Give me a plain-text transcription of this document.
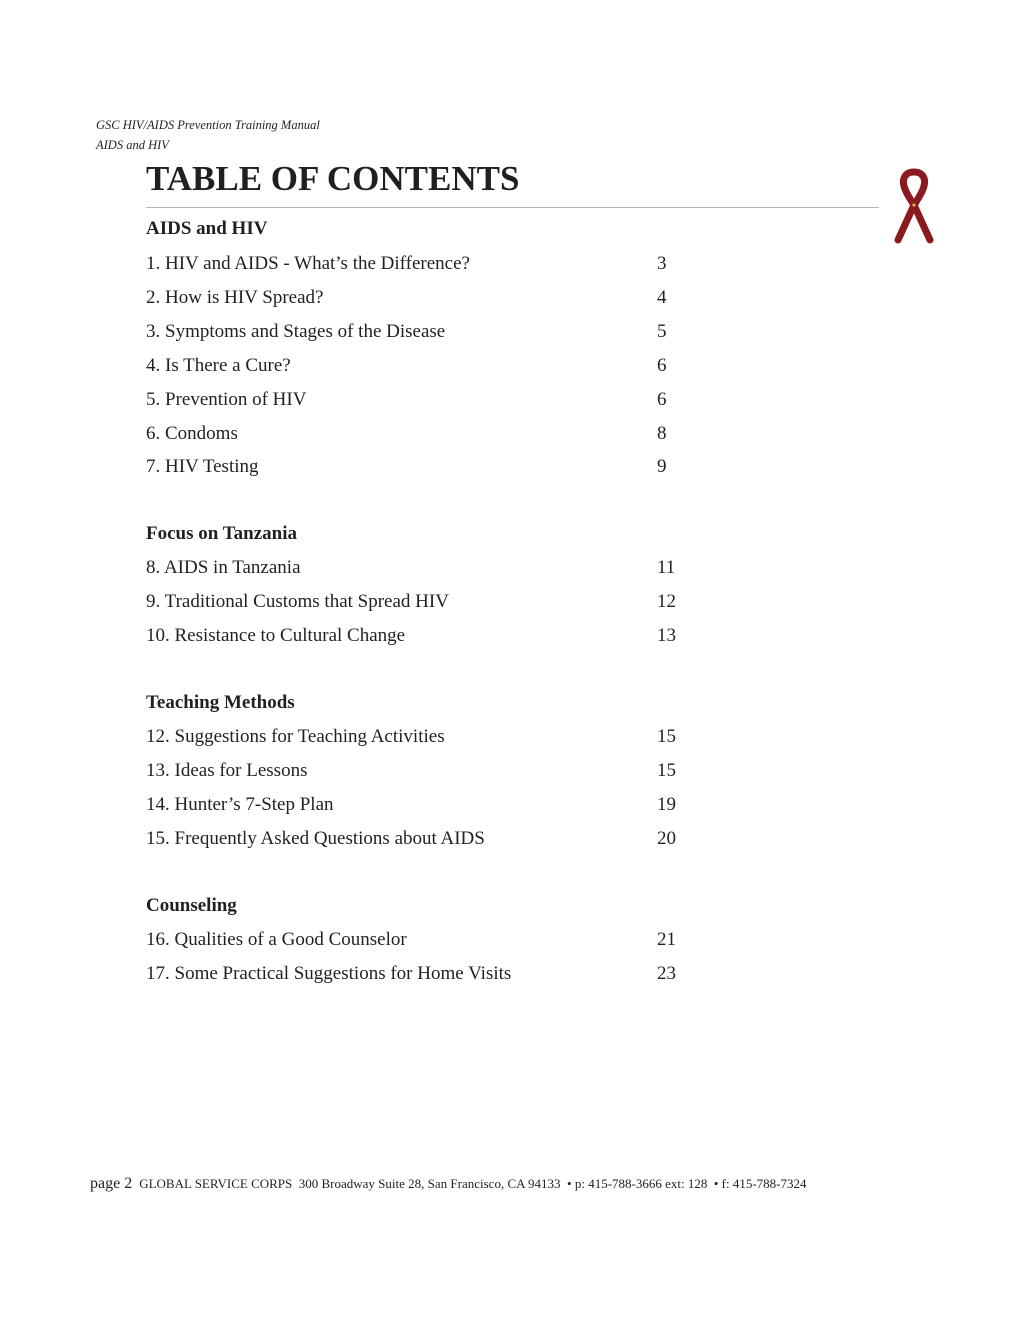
GSC HIV/AIDS Prevention Training Manual
AIDS and HIV
TABLE OF CONTENTS
AIDS and HIV
1. HIV and AIDS - What’s the Difference?	3
2. How is HIV Spread?	4
3. Symptoms and Stages of the Disease	5
4. Is There a Cure?	6
5. Prevention of HIV	6
6. Condoms	8
7. HIV Testing	9
Focus on Tanzania
8. AIDS in Tanzania	11
9. Traditional Customs that Spread HIV	12
10. Resistance to Cultural Change	13
Teaching Methods
12. Suggestions for Teaching Activities	15
13. Ideas for Lessons	15
14. Hunter’s 7-Step Plan	19
15. Frequently Asked Questions about AIDS	20
Counseling
16. Qualities of a Good Counselor	21
17. Some Practical Suggestions for Home Visits	23
page 2 GLOBAL SERVICE CORPS  300 Broadway Suite 28, San Francisco, CA 94133  • p: 415-788-3666 ext: 128  • f: 415-788-7324
